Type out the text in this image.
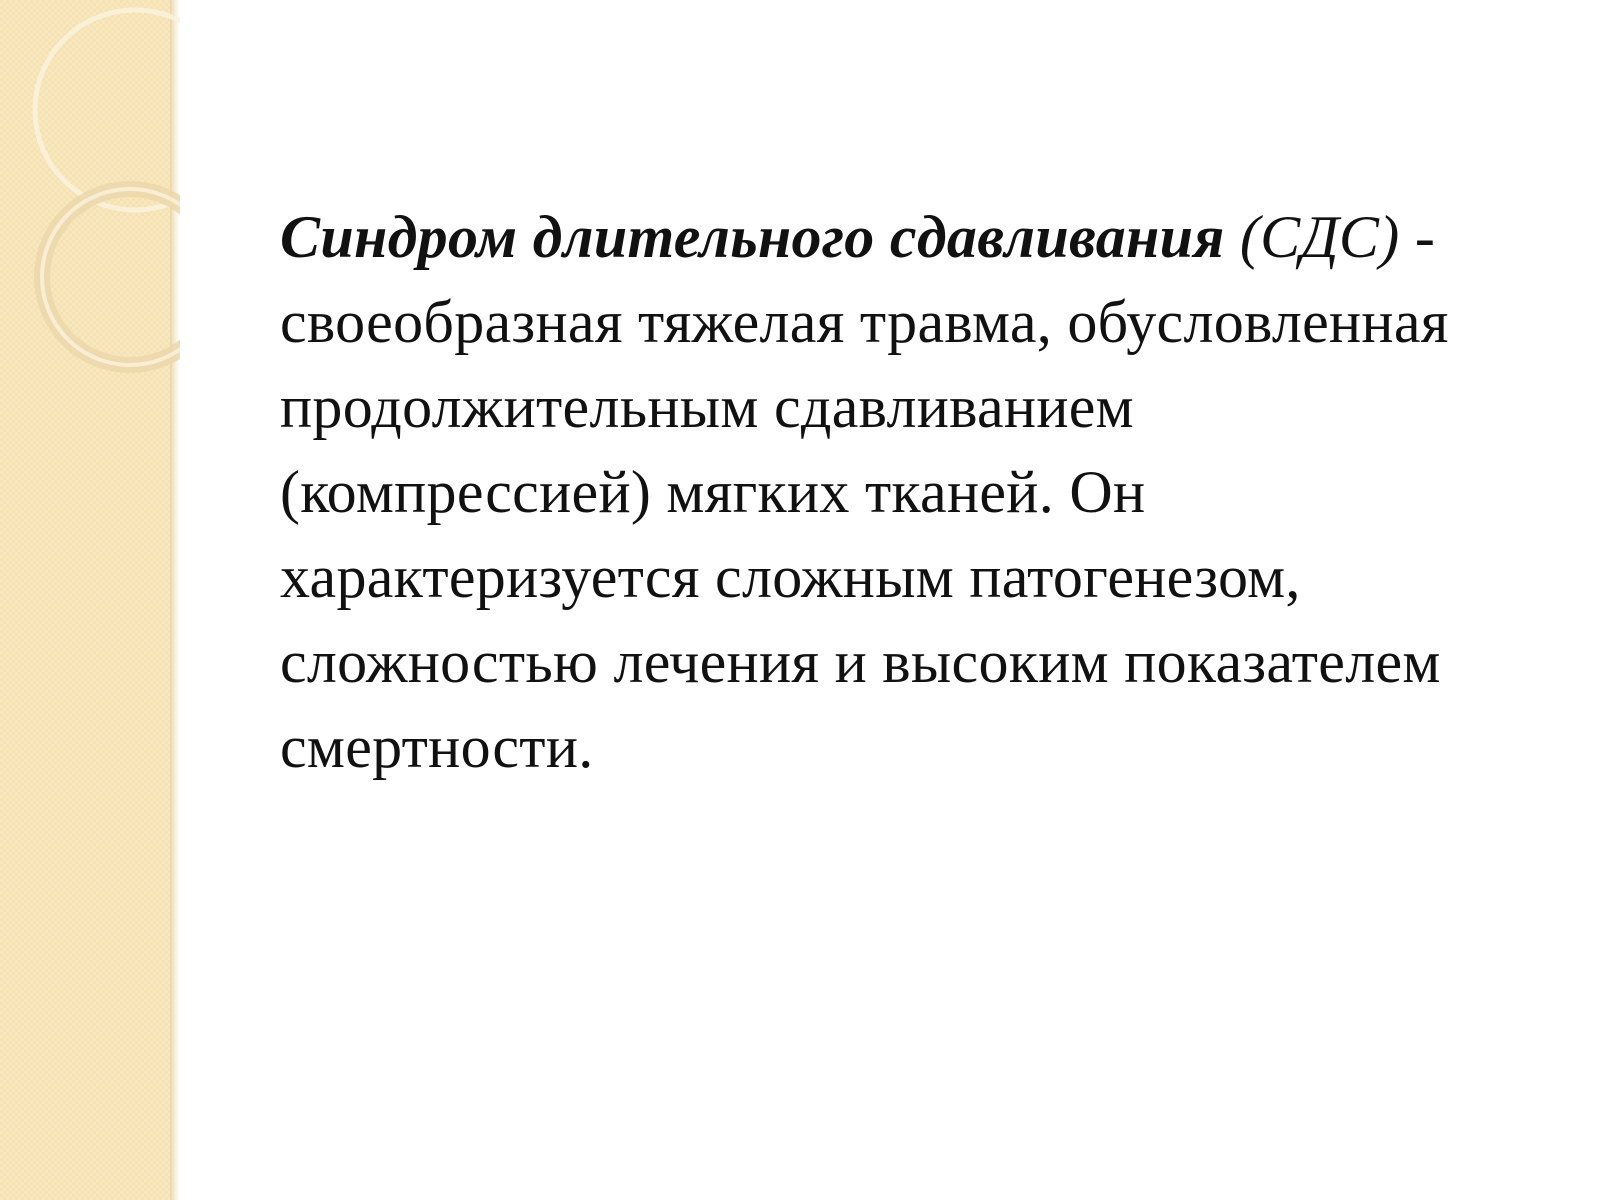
Синдром длительного сдавливания (СДС) - своеобразная тяжелая травма, обусловленная продолжительным сдавливанием (компрессией) мягких тканей. Он характеризуется сложным патогенезом, сложностью лечения и высоким показателем смертности.
